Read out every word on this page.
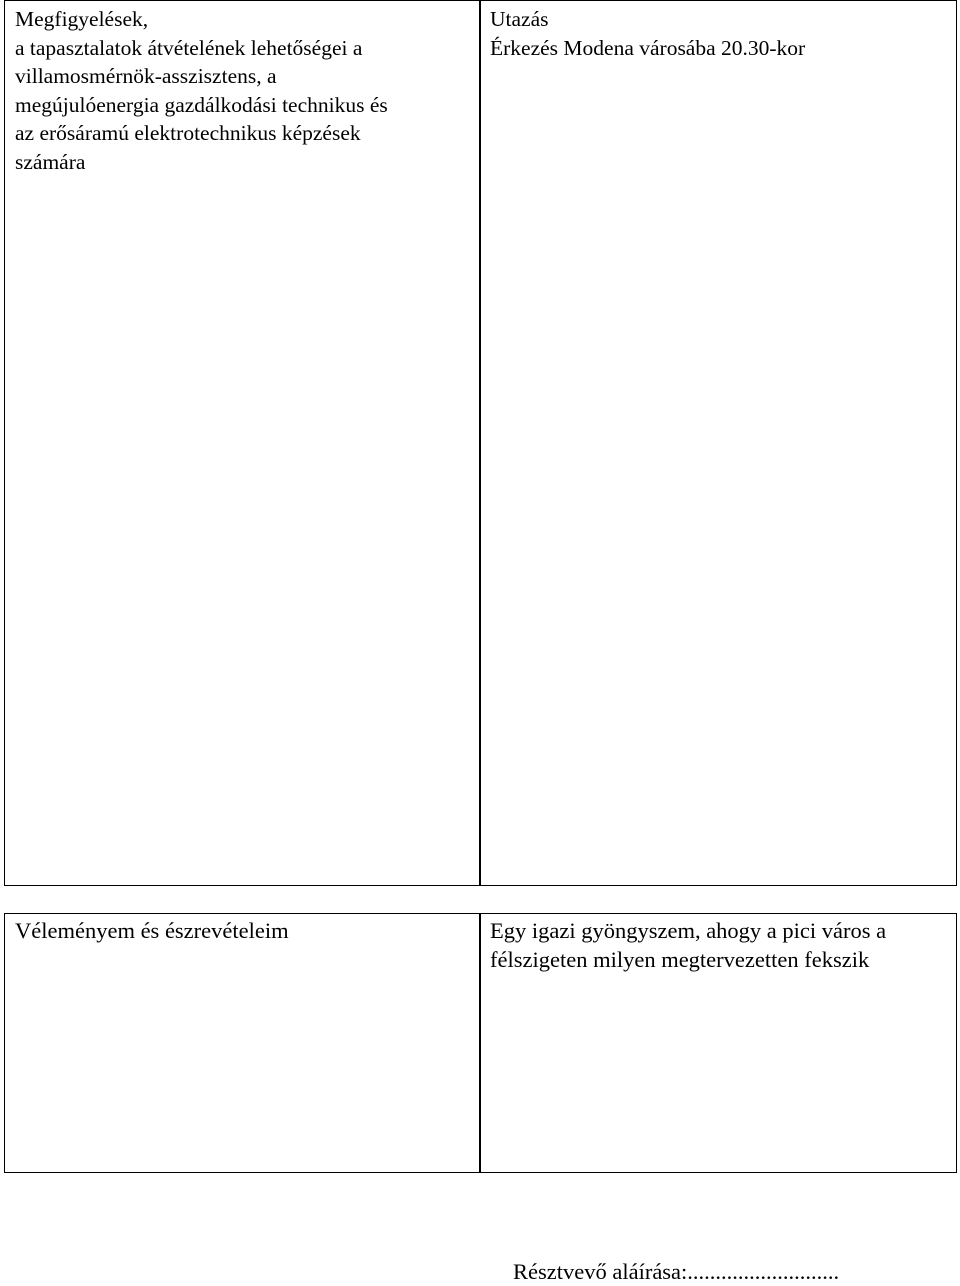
Megfigyelések,
a tapasztalatok átvételének lehetőségei a
villamosmérnök-asszisztens, a
megújulóenergia gazdálkodási technikus és
az erősáramú elektrotechnikus képzések
számára
Utazás
Érkezés Modena városába 20.30-kor
Véleményem és észrevételeim	Egy igazi gyöngyszem, ahogy a pici város a
félszigeten milyen megtervezetten fekszik
Résztvevő aláírása:...........................
